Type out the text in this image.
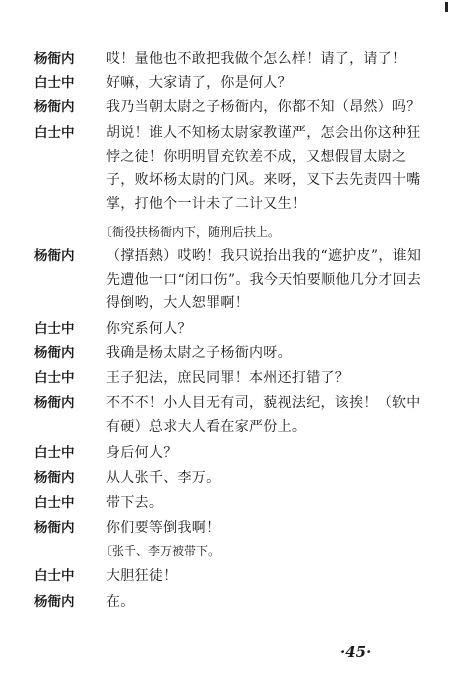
杨衙内	哎！量他也不敢把我做个怎么样！请了，请了！
白士中	好嘛，大家请了，你是何人？
杨衙内	我乃当朝太尉之子杨衙内，你都不知（昂然）吗？
白士中	胡说！谁人不知杨太尉家教谨严，怎会出你这种狂悖之徒！你明明冒充钦差不成，又想假冒太尉之子，败坏杨太尉的门风。来呀，叉下去先责四十嘴掌，打他个一计未了二计又生！
〔衙役扶杨衙内下，随刑后扶上。
杨衙内	（撑捂熱）哎哟！我只说抬出我的“遮护皮”，谁知先遭他一口“闭口伤”。我今天怕要顺他几分才回去得倒哟，大人恕罪啊！
白士中	你究系何人？
杨衙内	我确是杨太尉之子杨衙内呀。
白士中	王子犯法，庶民同罪！本州还打错了？
杨衙内	不不不！小人目无有司，藐视法纪，该挨！（软中有硬）总求大人看在家严份上。
白士中	身后何人？
杨衙内	从人张千、李万。
白士中	带下去。
杨衙内	你们要等倒我啊！
〔张千、李万被带下。
白士中	大胆狂徒！
杨衙内	在。
·45·
